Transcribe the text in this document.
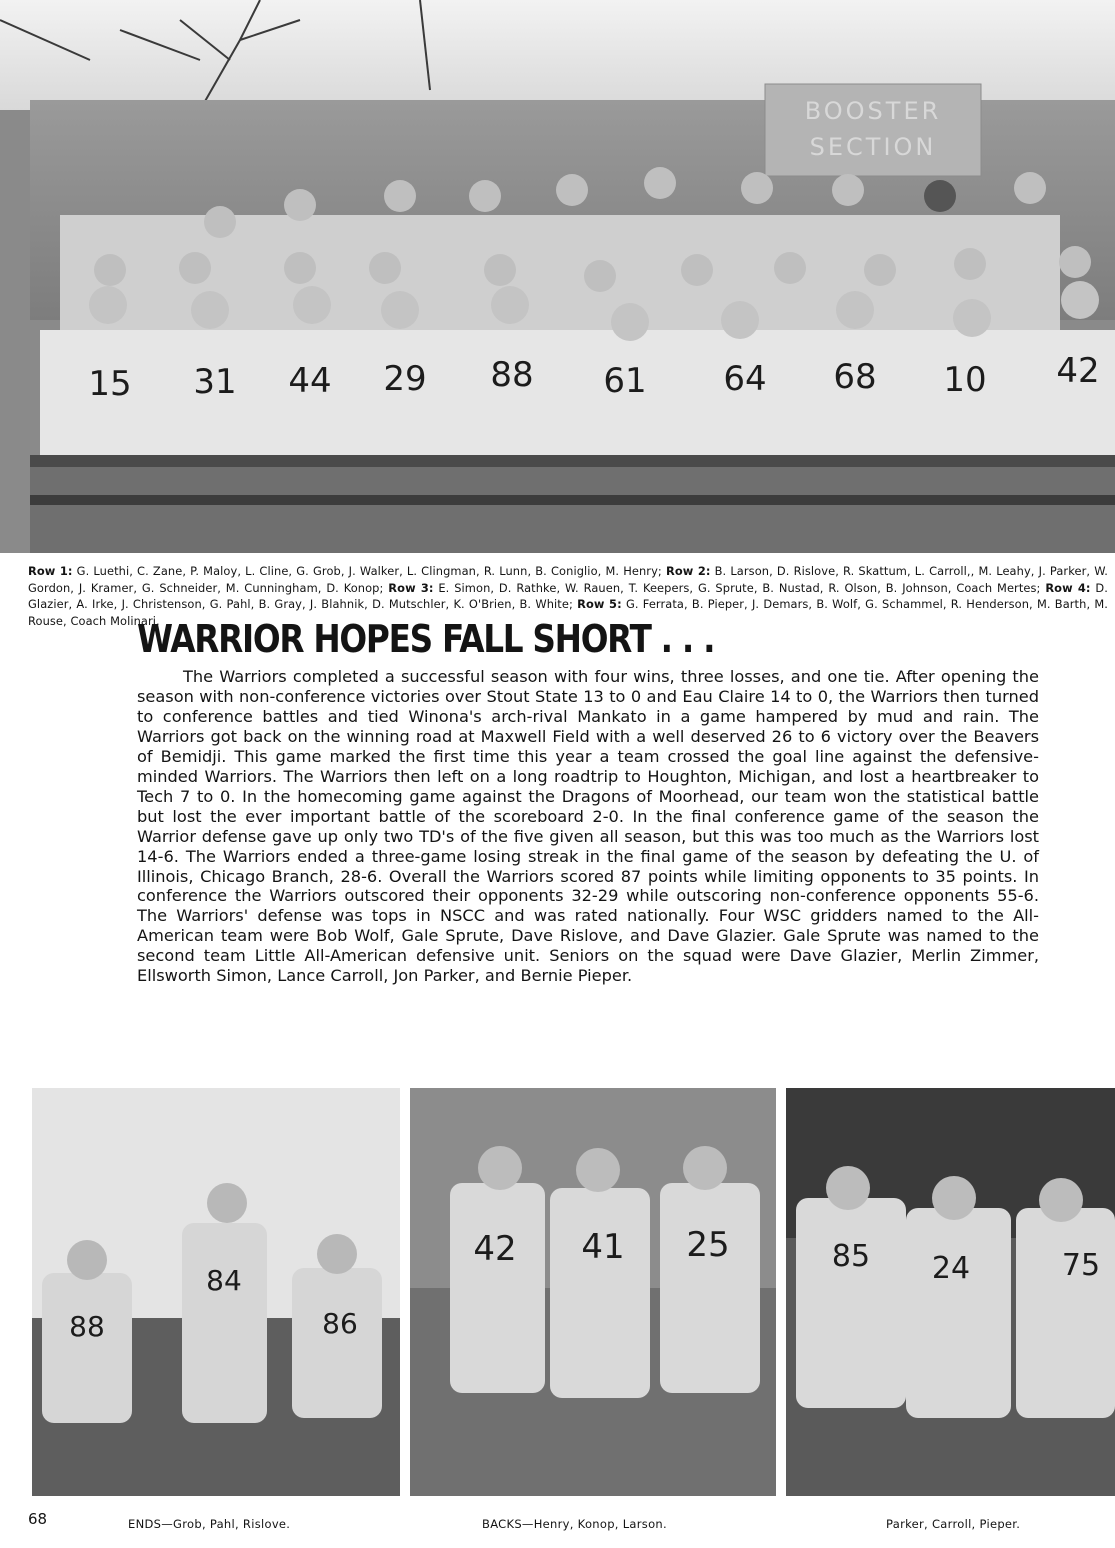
BOOSTER
SECTION
15 31 44 29 88 61 64 68 10 42
Row 1: G. Luethi, C. Zane, P. Maloy, L. Cline, G. Grob, J. Walker, L. Clingman, R. Lunn, B. Coniglio, M. Henry; Row 2: B. Larson, D. Rislove, R. Skattum, L. Carroll,, M. Leahy, J. Parker, W. Gordon, J. Kramer, G. Schneider, M. Cunningham, D. Konop; Row 3: E. Simon, D. Rathke, W. Rauen, T. Keepers, G. Sprute, B. Nustad, R. Olson, B. Johnson, Coach Mertes; Row 4: D. Glazier, A. Irke, J. Christenson, G. Pahl, B. Gray, J. Blahnik, D. Mutschler, K. O'Brien, B. White; Row 5: G. Ferrata, B. Pieper, J. Demars, B. Wolf, G. Schammel, R. Henderson, M. Barth, M. Rouse, Coach Molinari.
WARRIOR HOPES FALL SHORT . . .

The Warriors completed a successful season with four wins, three losses, and one tie. After opening the season with non-conference victories over Stout State 13 to 0 and Eau Claire 14 to 0, the Warriors then turned to conference battles and tied Winona's arch-rival Mankato in a game hampered by mud and rain. The Warriors got back on the winning road at Maxwell Field with a well deserved 26 to 6 victory over the Beavers of Bemidji. This game marked the first time this year a team crossed the goal line against the defensive-minded Warriors. The Warriors then left on a long roadtrip to Houghton, Michigan, and lost a heartbreaker to Tech 7 to 0. In the homecoming game against the Dragons of Moorhead, our team won the statistical battle but lost the ever important battle of the scoreboard 2-0. In the final conference game of the season the Warrior defense gave up only two TD's of the five given all season, but this was too much as the Warriors lost 14-6. The Warriors ended a three-game losing streak in the final game of the season by defeating the U. of Illinois, Chicago Branch, 28-6. Overall the Warriors scored 87 points while limiting opponents to 35 points. In conference the Warriors outscored their opponents 32-29 while outscoring non-conference opponents 55-6. The Warriors' defense was tops in NSCC and was rated nationally. Four WSC gridders named to the All-American team were Bob Wolf, Gale Sprute, Dave Rislove, and Dave Glazier. Gale Sprute was named to the second team Little All-American defensive unit. Seniors on the squad were Dave Glazier, Merlin Zimmer, Ellsworth Simon, Lance Carroll, Jon Parker, and Bernie Pieper.

88
84
86
42 41 25	85 24	75
68	ENDS—Grob, Pahl, Rislove.	BACKS—Henry, Konop, Larson.	Parker, Carroll, Pieper.
